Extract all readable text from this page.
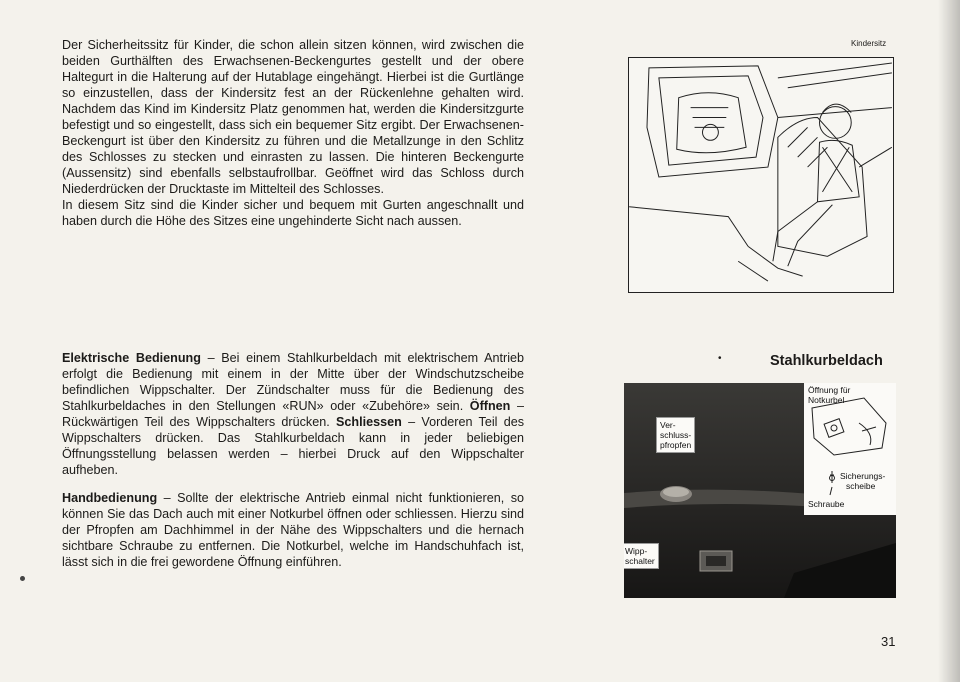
Kindersitz

Der Sicherheitssitz für Kinder, die schon allein sitzen können, wird zwischen die beiden Gurthälften des Erwachsenen-Beckengurtes gestellt und der obere Haltegurt in die Halterung auf der Hutablage eingehängt. Hierbei ist die Gurtlänge so einzustellen, dass der Kindersitz fest an der Rückenlehne gehalten wird. Nachdem das Kind im Kindersitz Platz genommen hat, werden die Kindersitzgurte befestigt und so eingestellt, dass sich ein bequemer Sitz ergibt. Der Erwachsenen-Beckengurt ist über den Kindersitz zu führen und die Metallzunge in den Schlitz des Schlosses zu stecken und einrasten zu lassen. Die hinteren Beckengurte (Aussensitz) sind ebenfalls selbstaufrollbar. Geöffnet wird das Schloss durch Niederdrücken der Drucktaste im Mittelteil des Schlosses.

In diesem Sitz sind die Kinder sicher und bequem mit Gurten angeschnallt und haben durch die Höhe des Sitzes eine ungehinderte Sicht nach aussen.

Elektrische Bedienung – Bei einem Stahlkurbeldach mit elektrischem Antrieb erfolgt die Bedienung mit einem in der Mitte über der Windschutzscheibe befindlichen Wippschalter. Der Zündschalter muss für die Bedienung des Stahlkurbeldaches in den Stellungen «RUN» oder «Zubehöre» sein. Öffnen – Rückwärtigen Teil des Wippschalters drücken. Schliessen – Vorderen Teil des Wippschalters drücken. Das Stahlkurbeldach kann in jeder beliebigen Öffnungsstellung belassen werden – hierbei Druck auf den Wippschalter aufheben.

Handbedienung – Sollte der elektrische Antrieb einmal nicht funktionieren, so können Sie das Dach auch mit einer Notkurbel öffnen oder schliessen. Hierzu sind der Pfropfen am Dachhimmel in der Nähe des Wippschalters und die hernach sichtbare Schraube zu entfernen. Die Notkurbel, welche im Handschuhfach ist, lässt sich in die frei gewordene Öffnung einführen.

•	Stahlkurbeldach
Öffnung für
Notkurbel
Sicherungs-
scheibe
Schraube
Ver-
schluss-
pfropfen
Wipp-
schalter
31
